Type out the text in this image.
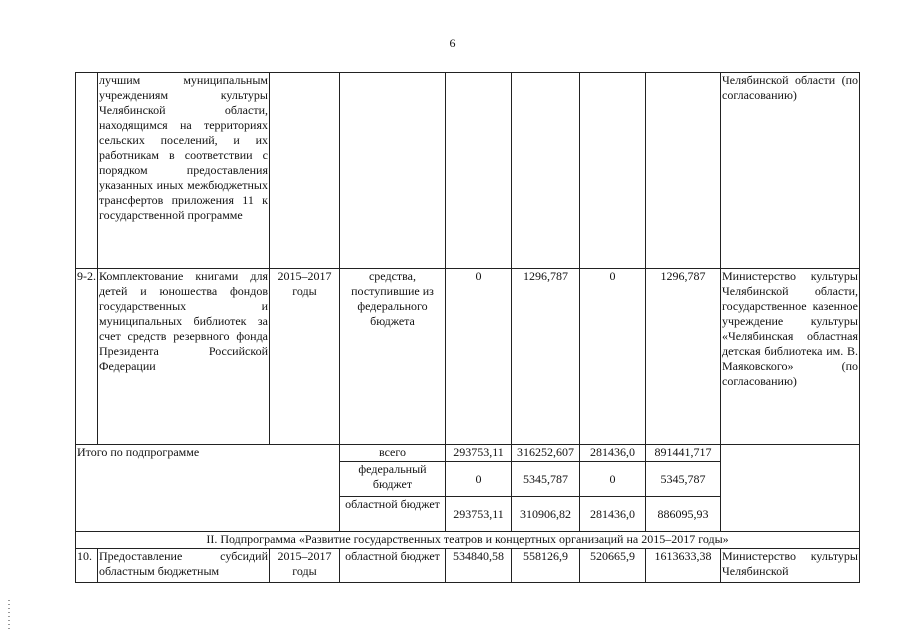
6
	лучшим муниципальным учреждениям культуры Челябинской области, находящимся на территориях сельских поселений, и их работникам в соответствии с порядком предоставления указанных иных межбюджетных трансфертов приложения 11 к государственной программе							Челябинской области (по согласованию)
9-2.	Комплектование книгами для детей и юношества фондов государственных и муниципальных библиотек за счет средств резервного фонда Президента Российской Федерации	2015–2017 годы	средства, поступившие из федерального бюджета	0	1296,787	0	1296,787	Министерство культуры Челябинской области, государственное казенное учреждение культуры «Челябинская областная детская библиотека им. В. Маяковского» (по согласованию)
Итого по подпрограмме			всего	293753,11	316252,607	281436,0	891441,717	
			федеральный бюджет	0	5345,787	0	5345,787	
			областной бюджет	293753,11	310906,82	281436,0	886095,93	
II. Подпрограмма «Развитие государственных театров и концертных организаций на 2015–2017 годы»								
10.	Предоставление субсидий областным бюджетным	2015–2017 годы	областной бюджет	534840,58	558126,9	520665,9	1613633,38	Министерство культуры Челябинской
